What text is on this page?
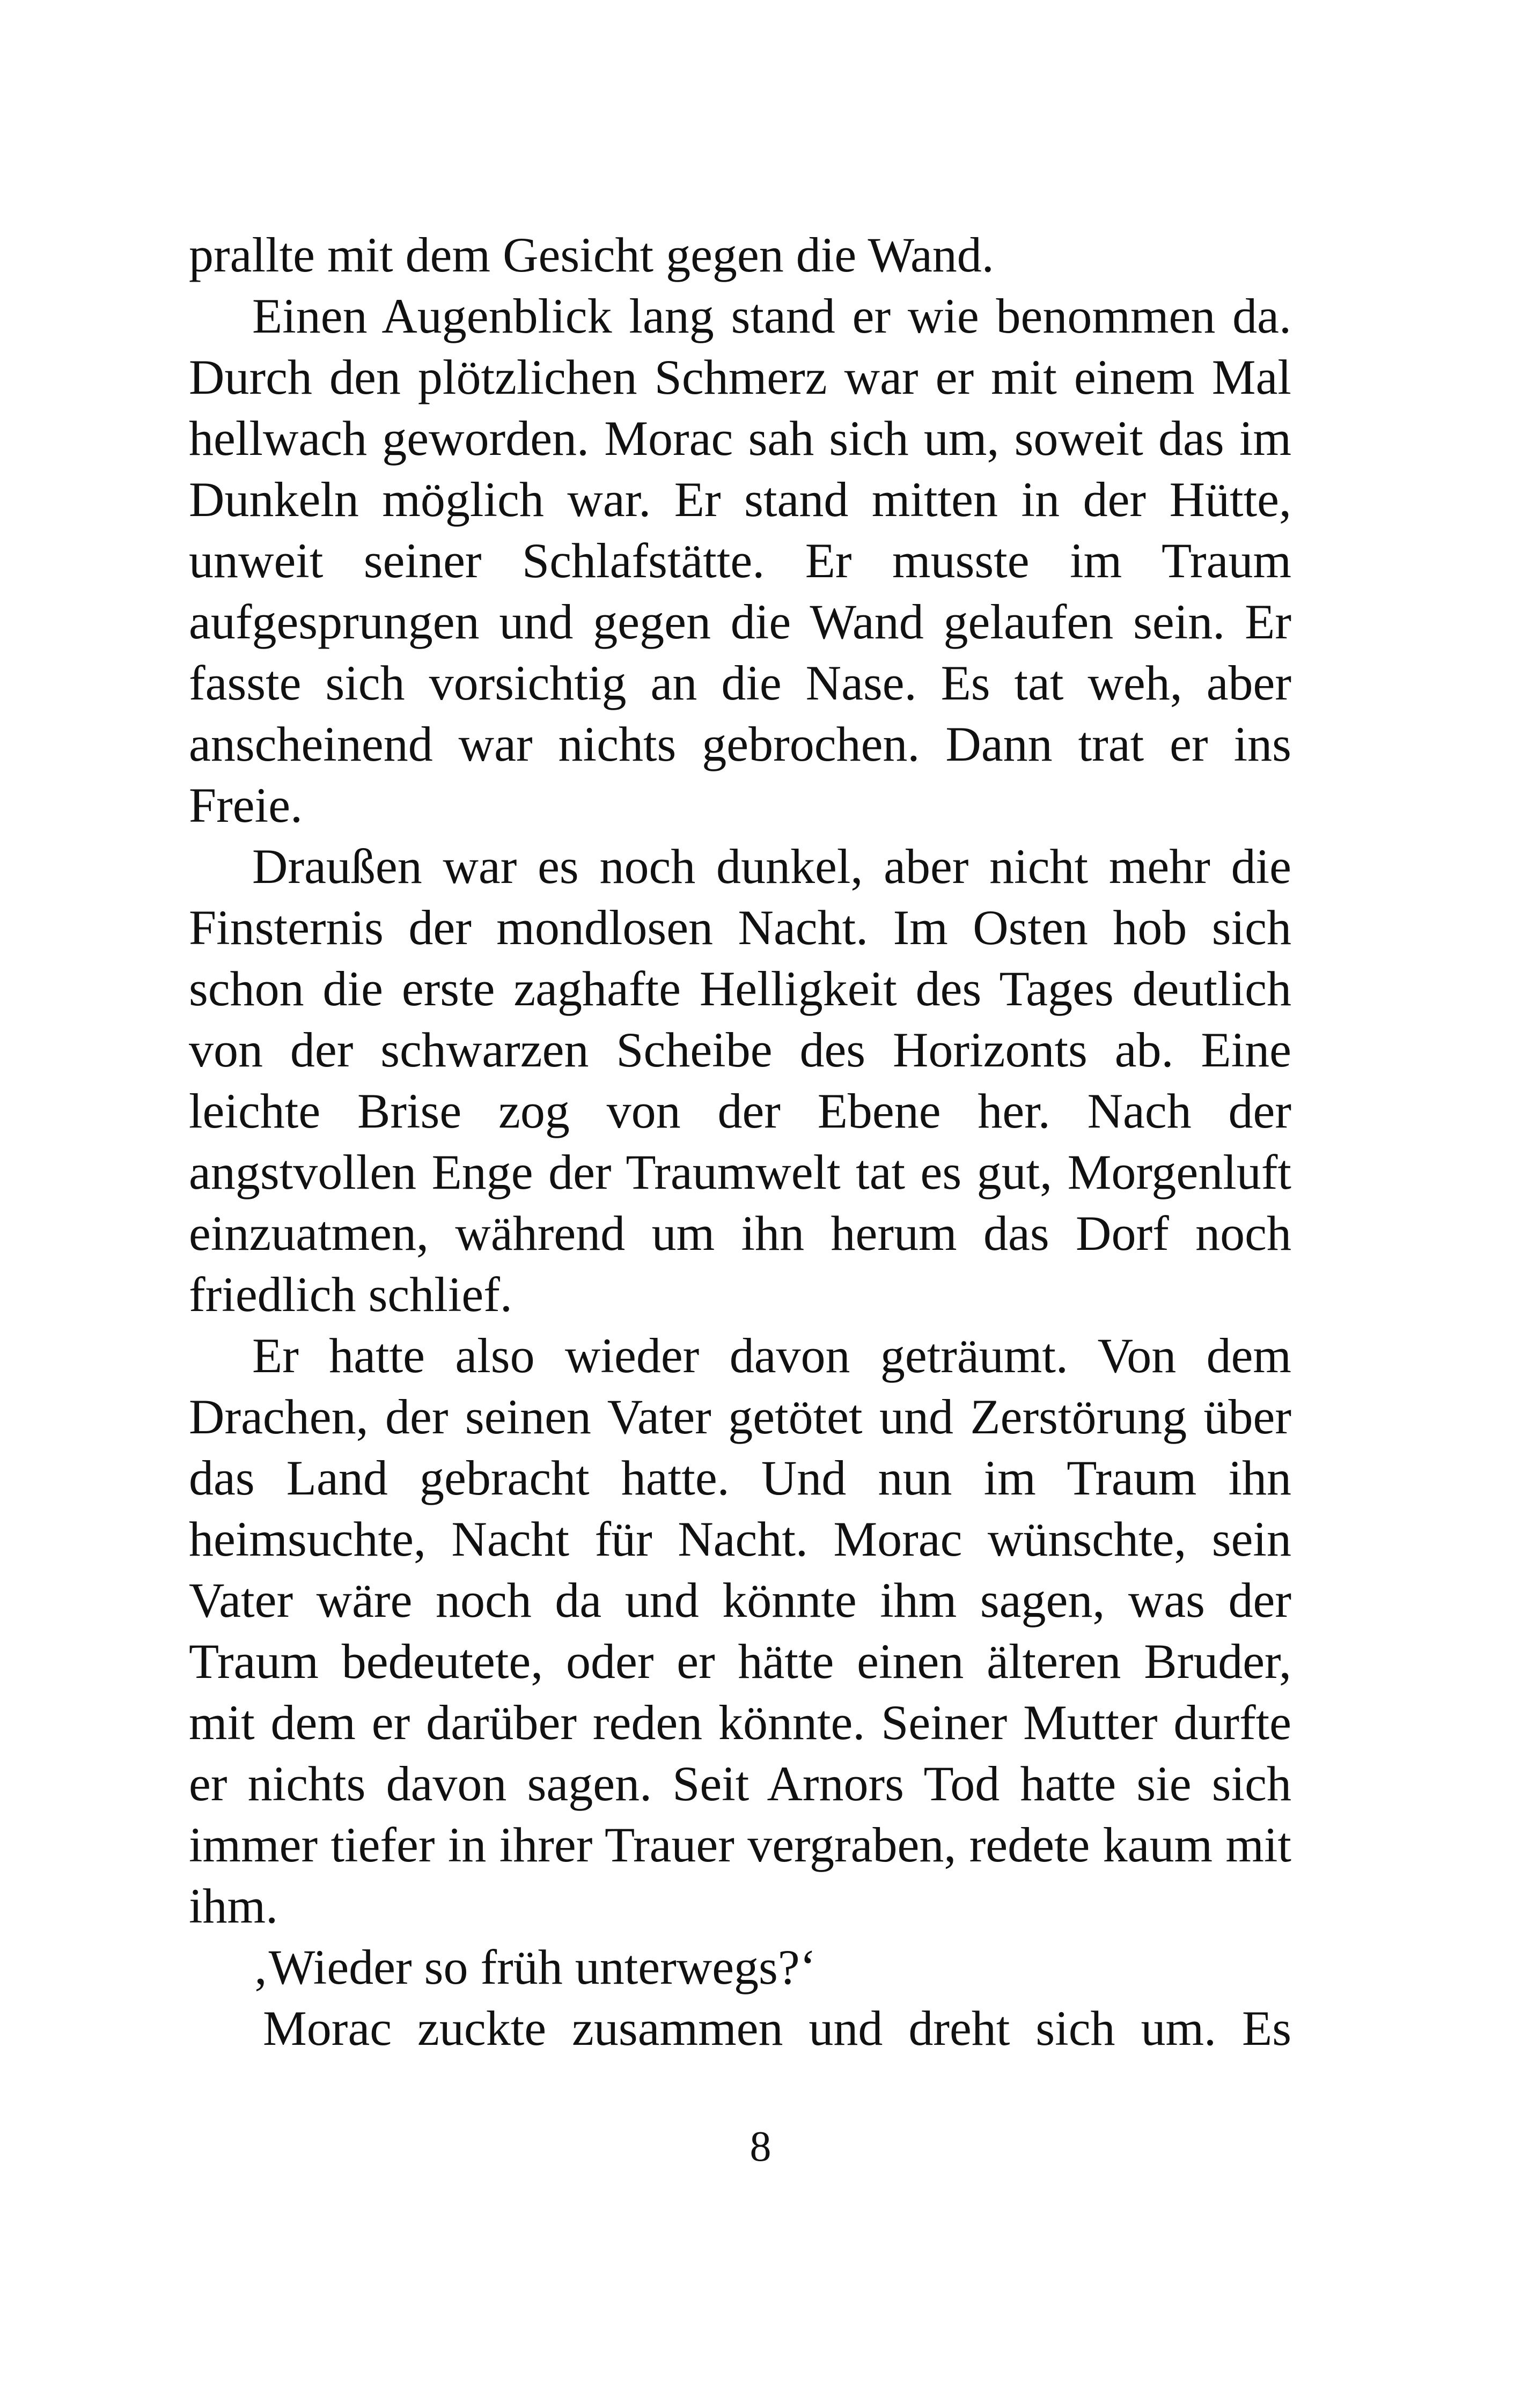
prallte mit dem Gesicht gegen die Wand.

Einen Augenblick lang stand er wie benommen da. Durch den plötzlichen Schmerz war er mit einem Mal hellwach geworden. Morac sah sich um, soweit das im Dunkeln möglich war. Er stand mitten in der Hütte, unweit seiner Schlafstätte. Er musste im Traum aufgesprungen und gegen die Wand gelaufen sein. Er fasste sich vorsichtig an die Nase. Es tat weh, aber anscheinend war nichts gebrochen. Dann trat er ins Freie.

Draußen war es noch dunkel, aber nicht mehr die Finsternis der mondlosen Nacht. Im Osten hob sich schon die erste zaghafte Helligkeit des Tages deutlich von der schwarzen Scheibe des Horizonts ab. Eine leichte Brise zog von der Ebene her. Nach der angstvollen Enge der Traumwelt tat es gut, Morgenluft einzuatmen, während um ihn herum das Dorf noch friedlich schlief.

Er hatte also wieder davon geträumt. Von dem Drachen, der seinen Vater getötet und Zerstörung über das Land gebracht hatte. Und nun im Traum ihn heimsuchte, Nacht für Nacht. Morac wünschte, sein Vater wäre noch da und könnte ihm sagen, was der Traum bedeutete, oder er hätte einen älteren Bruder, mit dem er darüber reden könnte. Seiner Mutter durfte er nichts davon sagen. Seit Arnors Tod hatte sie sich immer tiefer in ihrer Trauer vergraben, redete kaum mit ihm.

‚Wieder so früh unterwegs?‘

Morac zuckte zusammen und dreht sich um. Es

8
